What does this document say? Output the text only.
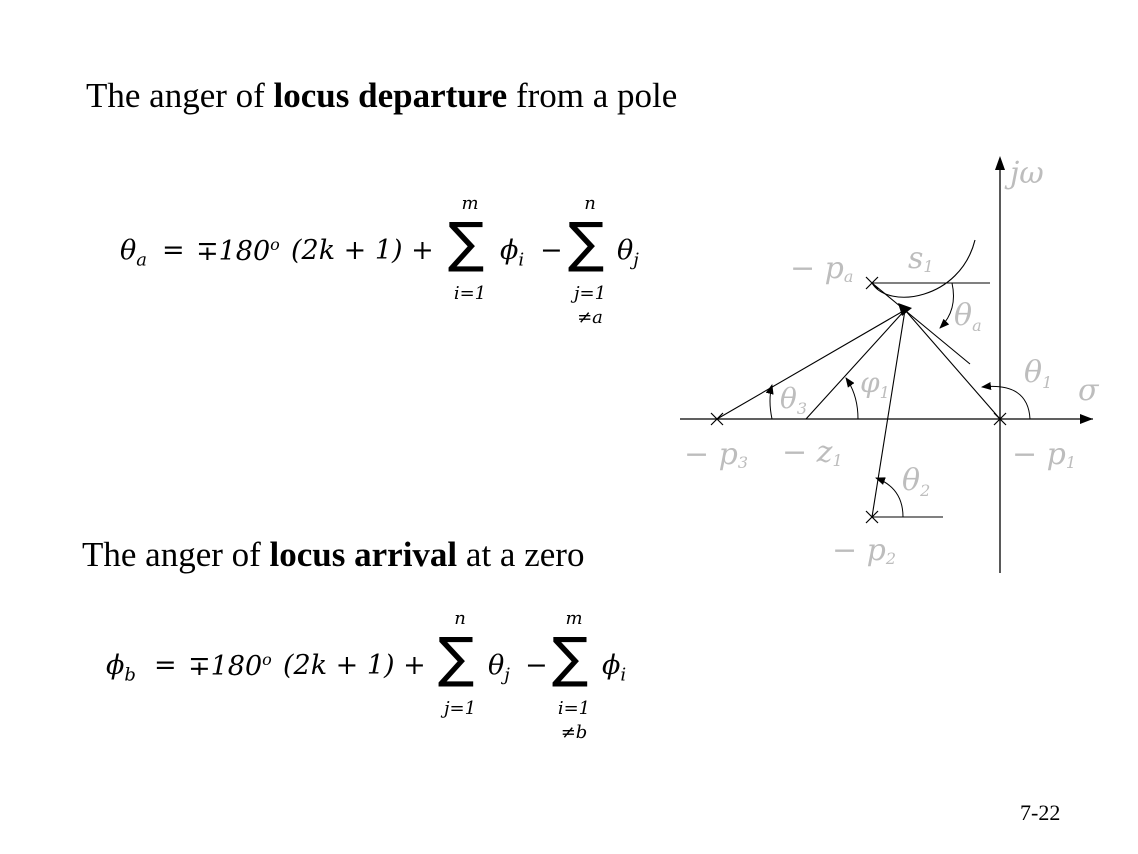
The anger of locus departure from a pole
The anger of locus arrival at a zero
$\theta_a = \mp 180^o$ (2k + 1) +
m
∑
i=1
$\phi_i$ −
n
∑
j=1
≠a
$\theta_j$
$\phi_b = \mp 180^o$ (2k + 1) +
n
∑
j=1
$\theta_j$ −
m
∑
i=1
≠b
$\phi_i$
jω
σ
− pa
s1
$\theta_a$
$\theta_1$
$\theta_3$
$\varphi_1$
$\theta_2$
− p3 − z1	− p1
− p2
7-22
